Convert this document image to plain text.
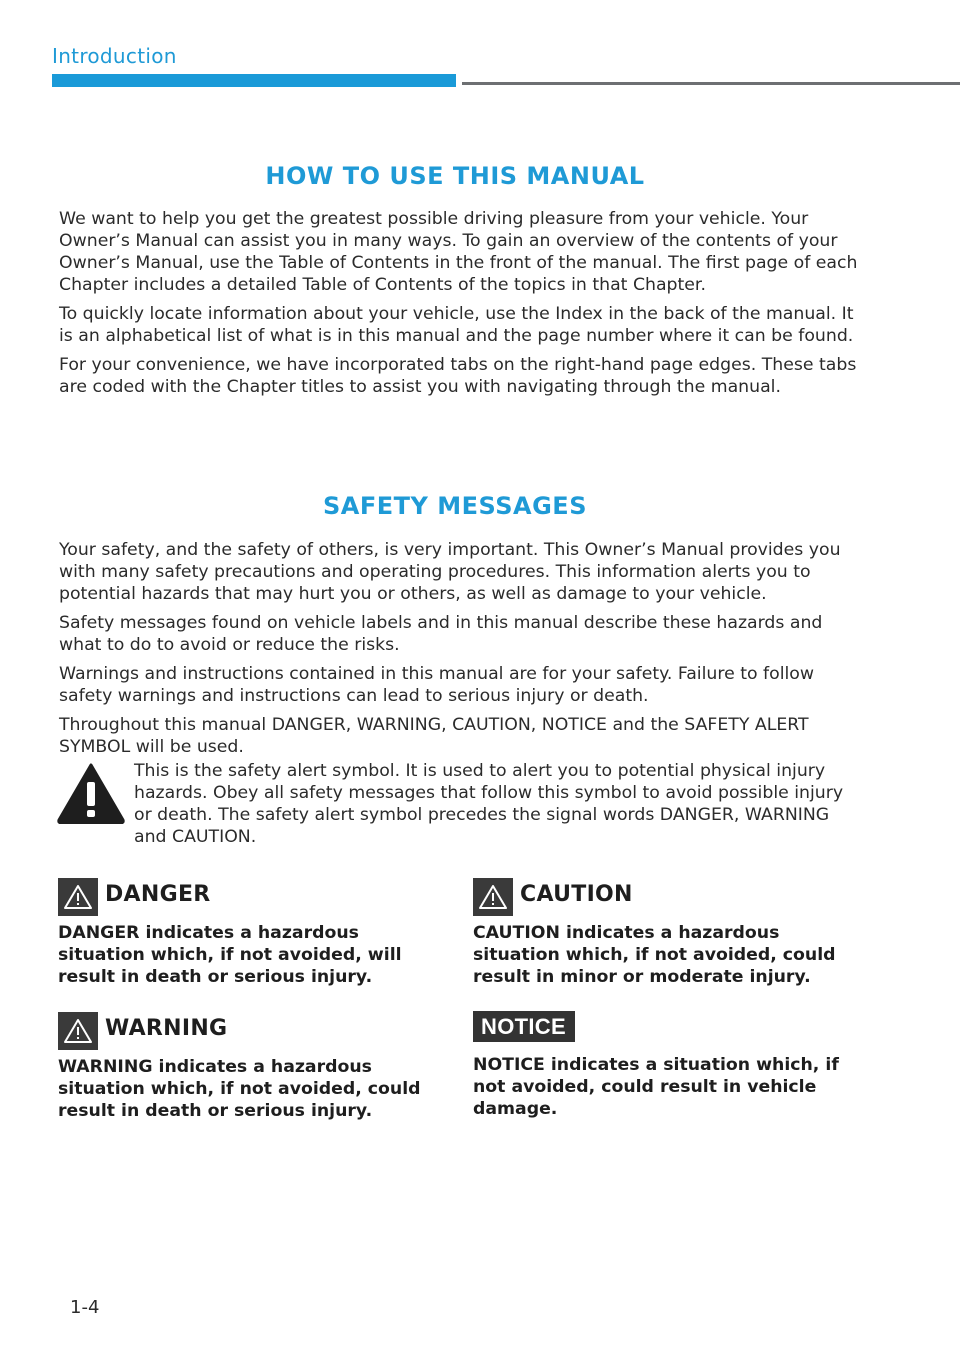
Introduction
HOW TO USE THIS MANUAL

We want to help you get the greatest possible driving pleasure from your vehicle. Your Owner’s Manual can assist you in many ways. To gain an overview of the contents of your Owner’s Manual, use the Table of Contents in the front of the manual. The first page of each Chapter includes a detailed Table of Contents of the topics in that Chapter.

To quickly locate information about your vehicle, use the Index in the back of the manual. It is an alphabetical list of what is in this manual and the page number where it can be found.

For your convenience, we have incorporated tabs on the right-hand page edges. These tabs are coded with the Chapter titles to assist you with navigating through the manual.

SAFETY MESSAGES

Your safety, and the safety of others, is very important. This Owner’s Manual provides you with many safety precautions and operating procedures. This information alerts you to potential hazards that may hurt you or others, as well as damage to your vehicle.

Safety messages found on vehicle labels and in this manual describe these hazards and what to do to avoid or reduce the risks.

Warnings and instructions contained in this manual are for your safety. Failure to follow safety warnings and instructions can lead to serious injury or death.

Throughout this manual DANGER, WARNING, CAUTION, NOTICE and the SAFETY ALERT SYMBOL will be used.

This is the safety alert symbol. It is used to alert you to potential physical injury hazards. Obey all safety messages that follow this symbol to avoid possible injury or death. The safety alert symbol precedes the signal words DANGER, WARNING and CAUTION.
DANGER
DANGER indicates a hazardous situation which, if not avoided, will result in death or serious injury.
WARNING
WARNING indicates a hazardous situation which, if not avoided, could result in death or serious injury.
CAUTION
CAUTION indicates a hazardous situation which, if not avoided, could result in minor or moderate injury.
NOTICE
NOTICE indicates a situation which, if not avoided, could result in vehicle damage.
1-4
